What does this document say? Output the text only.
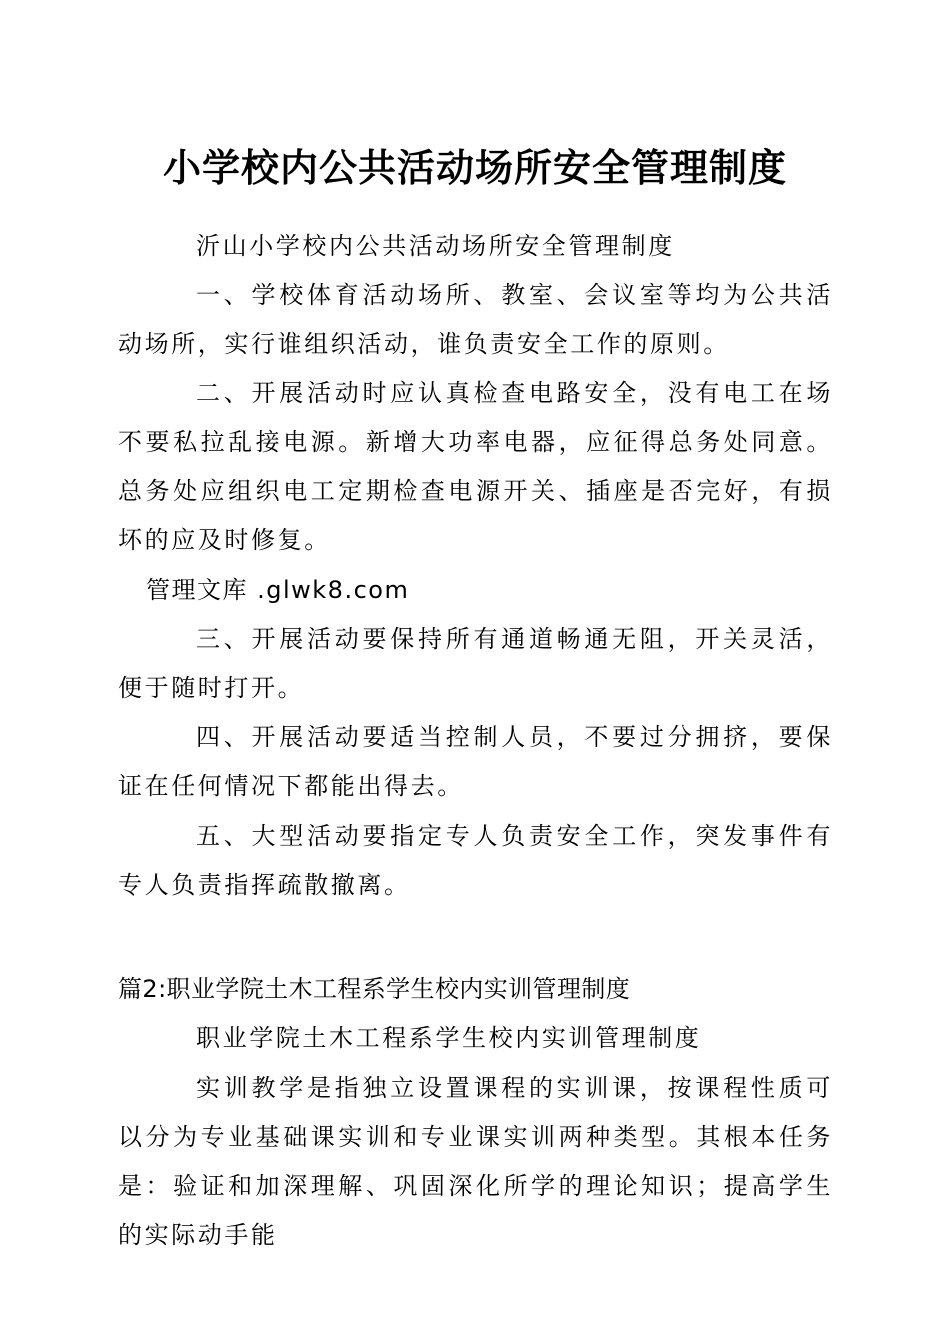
小学校内公共活动场所安全管理制度

沂山小学校内公共活动场所安全管理制度

一、学校体育活动场所、教室、会议室等均为公共活动场所，实行谁组织活动，谁负责安全工作的原则。

二、开展活动时应认真检查电路安全，没有电工在场不要私拉乱接电源。新增大功率电器，应征得总务处同意。总务处应组织电工定期检查电源开关、插座是否完好，有损坏的应及时修复。

管理文库 .glwk8.com

三、开展活动要保持所有通道畅通无阻，开关灵活，便于随时打开。

四、开展活动要适当控制人员，不要过分拥挤，要保证在任何情况下都能出得去。

五、大型活动要指定专人负责安全工作，突发事件有专人负责指挥疏散撤离。

篇2:职业学院土木工程系学生校内实训管理制度

职业学院土木工程系学生校内实训管理制度

实训教学是指独立设置课程的实训课，按课程性质可以分为专业基础课实训和专业课实训两种类型。其根本任务是：验证和加深理解、巩固深化所学的理论知识；提高学生的实际动手能
